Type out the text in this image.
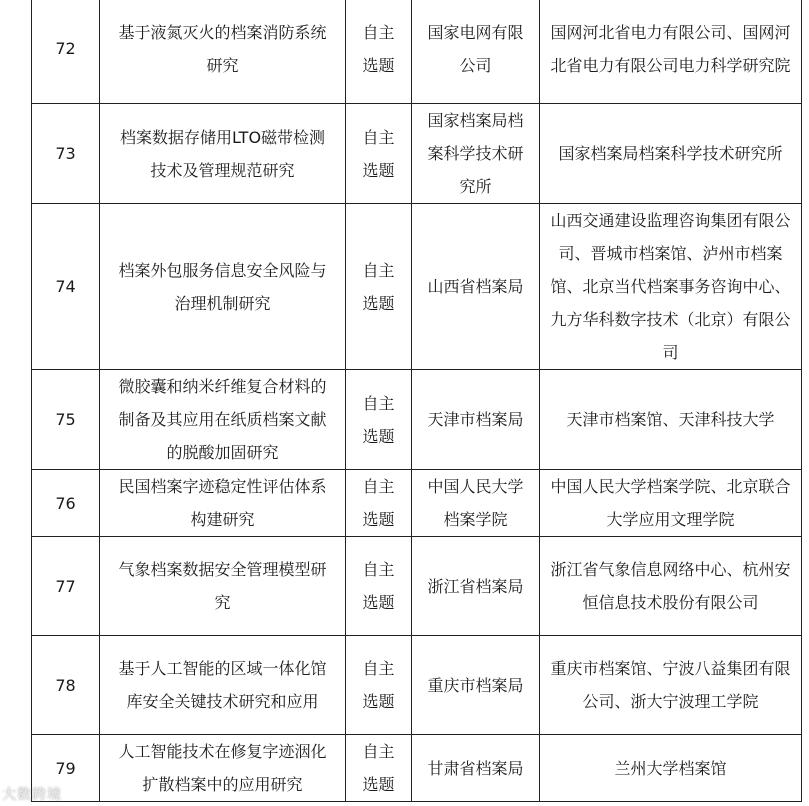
72	基于液氮灭火的档案消防系统研究	自主选题	国家电网有限公司	国网河北省电力有限公司、国网河北省电力有限公司电力科学研究院
73	档案数据存储用LTO磁带检测技术及管理规范研究	自主选题	国家档案局档案科学技术研究所	国家档案局档案科学技术研究所
74	档案外包服务信息安全风险与治理机制研究	自主选题	山西省档案局	山西交通建设监理咨询集团有限公司、晋城市档案馆、泸州市档案馆、北京当代档案事务咨询中心、九方华科数字技术（北京）有限公司
75	微胶囊和纳米纤维复合材料的制备及其应用在纸质档案文献的脱酸加固研究	自主选题	天津市档案局	天津市档案馆、天津科技大学
76	民国档案字迹稳定性评估体系构建研究	自主选题	中国人民大学档案学院	中国人民大学档案学院、北京联合大学应用文理学院
77	气象档案数据安全管理模型研究	自主选题	浙江省档案局	浙江省气象信息网络中心、杭州安恒信息技术股份有限公司
78	基于人工智能的区域一体化馆库安全关键技术研究和应用	自主选题	重庆市档案局	重庆市档案馆、宁波八益集团有限公司、浙大宁波理工学院
79	人工智能技术在修复字迹洇化扩散档案中的应用研究	自主选题	甘肃省档案局	兰州大学档案馆
大数跨境
